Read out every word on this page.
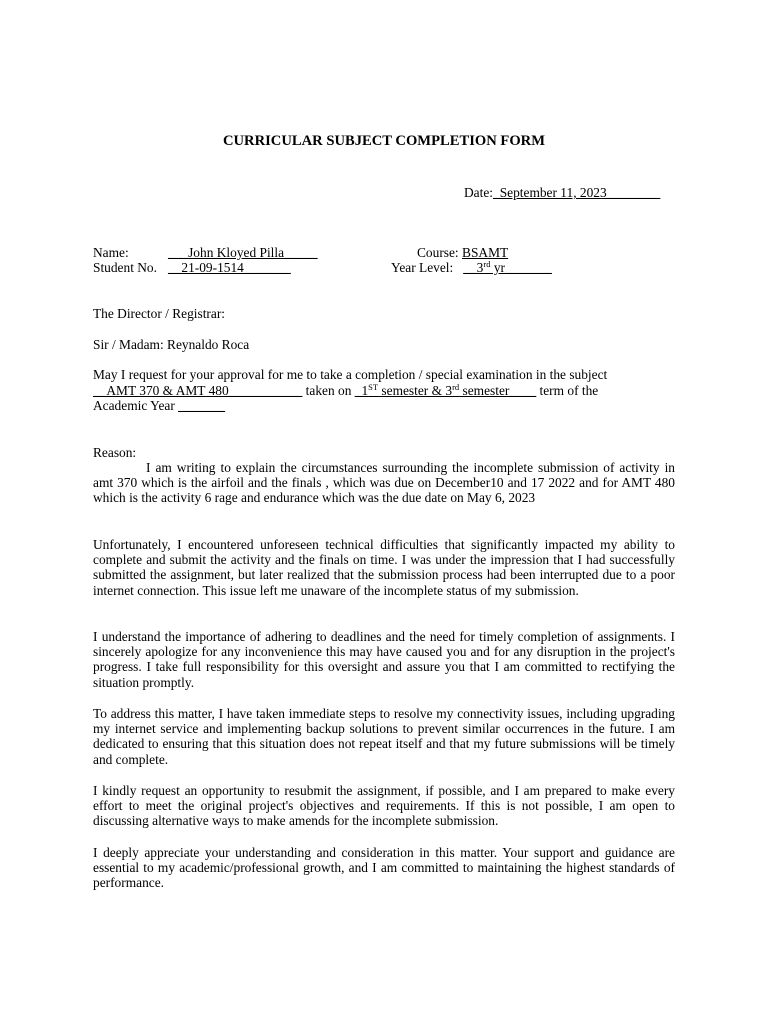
CURRICULAR SUBJECT COMPLETION FORM
Date:_September 11, 2023________
Name:	___John Kloyed Pilla_____	Course: BSAMT
Student No. __21-09-1514_______	Year Level: __3rd yr_______
The Director / Registrar:
Sir / Madam: Reynaldo Roca
May I request for your approval for me to take a completion / special examination in the subject
__AMT 370 & AMT 480___________ taken on _1ST semester & 3rd semester____ term of the
Academic Year _______
Reason:
I am writing to explain the circumstances surrounding the incomplete submission of activity in amt 370 which is the airfoil and the finals , which was due on December10 and 17 2022 and for AMT 480 which is the activity 6 rage and endurance which was the due date on May 6, 2023
Unfortunately, I encountered unforeseen technical difficulties that significantly impacted my ability to complete and submit the activity and the finals on time. I was under the impression that I had successfully submitted the assignment, but later realized that the submission process had been interrupted due to a poor internet connection. This issue left me unaware of the incomplete status of my submission.
I understand the importance of adhering to deadlines and the need for timely completion of assignments. I sincerely apologize for any inconvenience this may have caused you and for any disruption in the project's progress. I take full responsibility for this oversight and assure you that I am committed to rectifying the situation promptly.
To address this matter, I have taken immediate steps to resolve my connectivity issues, including upgrading my internet service and implementing backup solutions to prevent similar occurrences in the future. I am dedicated to ensuring that this situation does not repeat itself and that my future submissions will be timely and complete.
I kindly request an opportunity to resubmit the assignment, if possible, and I am prepared to make every effort to meet the original project's objectives and requirements. If this is not possible, I am open to discussing alternative ways to make amends for the incomplete submission.
I deeply appreciate your understanding and consideration in this matter. Your support and guidance are essential to my academic/professional growth, and I am committed to maintaining the highest standards of performance.
